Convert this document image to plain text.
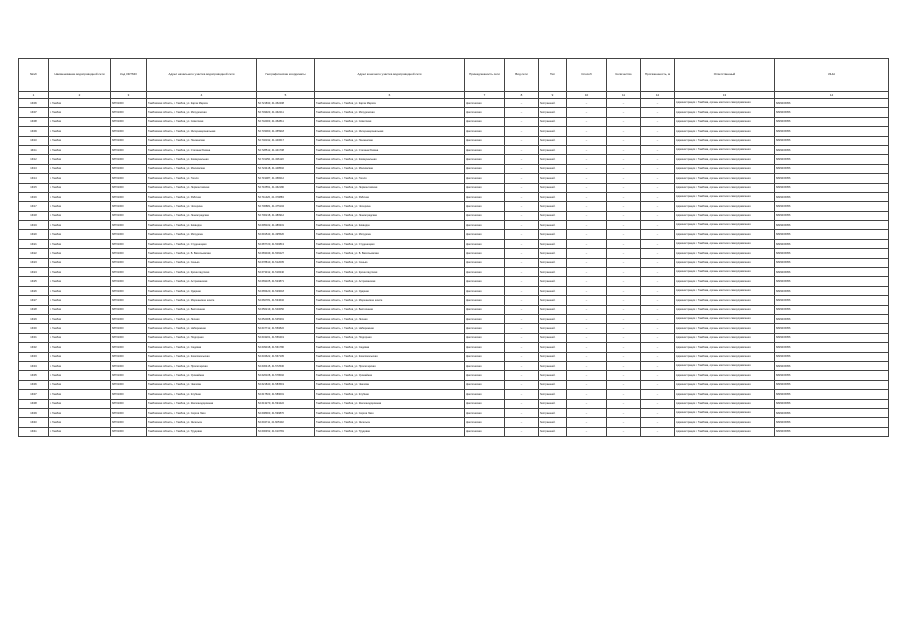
№п/п	Наименование водопроводной сети	Код ОКТМО	Адрес начального участка водопроводной сети	Географические координаты	Адрес конечного участка водопроводной сети	Принадлежность сети	Вид сети	Тип	Способ	Количество	Протяженность, м	Ответственный	ИНН
1	2	3	4	5	6	7	8	9	10	11	12	13	14
16/06	г. Тамбов	68701000	Тамбовская область, г. Тамбов, ул. Карла Маркса	52.721833, 41.452408	Тамбовская область, г. Тамбов, ул. Карла Маркса	фактическая	–	бестраншей.	–	–	–	Администрация г. Тамбова, органы местного самоуправления	6829015056
16/07	г. Тамбов	68701000	Тамбовская область, г. Тамбов, ул. Мичуринская	52.749923, 41.462211	Тамбовская область, г. Тамбов, ул. Мичуринская	фактическая	–	бестраншей.	–	–	–	Администрация г. Тамбова, органы местного самоуправления	6829015056
16/08	г. Тамбов	68701000	Тамбовская область, г. Тамбов, ул. Советская	52.742003, 41.452811	Тамбовская область, г. Тамбов, ул. Советская	фактическая	–	бестраншей.	–	–	–	Администрация г. Тамбова, органы местного самоуправления	6829015056
16/09	г. Тамбов	68701000	Тамбовская область, г. Тамбов, ул. Интернациональная	52.733060, 41.455918	Тамбовская область, г. Тамбов, ул. Интернациональная	фактическая	–	бестраншей.	–	–	–	Администрация г. Тамбова, органы местного самоуправления	6829015056
16/10	г. Тамбов	68701000	Тамбовская область, г. Тамбов, ул. Пензенская	52.740192, 41.440617	Тамбовская область, г. Тамбов, ул. Пензенская	фактическая	–	бестраншей.	–	–	–	Администрация г. Тамбова, органы местного самоуправления	6829015056
16/11	г. Тамбов	68701000	Тамбовская область, г. Тамбов, ул. Степана Разина	52.728512, 41.441708	Тамбовская область, г. Тамбов, ул. Степана Разина	фактическая	–	бестраншей.	–	–	–	Администрация г. Тамбова, органы местного самоуправления	6829015056
16/12	г. Тамбов	68701000	Тамбовская область, г. Тамбов, ул. Коммунальная	52.731150, 41.436120	Тамбовская область, г. Тамбов, ул. Коммунальная	фактическая	–	бестраншей.	–	–	–	Администрация г. Тамбова, органы местного самоуправления	6829015056
16/13	г. Тамбов	68701000	Тамбовская область, г. Тамбов, ул. Московская	52.724418, 41.448502	Тамбовская область, г. Тамбов, ул. Московская	фактическая	–	бестраншей.	–	–	–	Администрация г. Тамбова, органы местного самоуправления	6829015056
16/14	г. Тамбов	68701000	Тамбовская область, г. Тамбов, ул. Гоголя	52.719087, 41.458212	Тамбовская область, г. Тамбов, ул. Гоголя	фактическая	–	бестраншей.	–	–	–	Администрация г. Тамбова, органы местного самоуправления	6829015056
16/15	г. Тамбов	68701000	Тамбовская область, г. Тамбов, ул. Лермонтовская	52.716551, 41.462180	Тамбовская область, г. Тамбов, ул. Лермонтовская	фактическая	–	бестраншей.	–	–	–	Администрация г. Тамбова, органы местного самоуправления	6829015056
16/16	г. Тамбов	68701000	Тамбовская область, г. Тамбов, ул. Рабочая	52.711420, 41.470883	Тамбовская область, г. Тамбов, ул. Рабочая	фактическая	–	бестраншей.	–	–	–	Администрация г. Тамбова, органы местного самоуправления	6829015056
16/17	г. Тамбов	68701000	Тамбовская область, г. Тамбов, ул. Чичерина	52.706881, 41.475104	Тамбовская область, г. Тамбов, ул. Чичерина	фактическая	–	бестраншей.	–	–	–	Администрация г. Тамбова, органы местного самоуправления	6829015056
16/18	г. Тамбов	68701000	Тамбовская область, г. Тамбов, ул. Ленинградская	52.700218, 41.480912	Тамбовская область, г. Тамбов, ул. Ленинградская	фактическая	–	бестраншей.	–	–	–	Администрация г. Тамбова, органы местного самоуправления	6829015056
16/19	г. Тамбов	68701000	Тамбовская область, г. Тамбов, ул. Киквидзе	52.695102, 41.489331	Тамбовская область, г. Тамбов, ул. Киквидзе	фактическая	–	бестраншей.	–	–	–	Администрация г. Тамбова, органы местного самоуправления	6829015056
16/20	г. Тамбов	68701000	Тамбовская область, г. Тамбов, ул. Мичурина	52.691543, 41.495520	Тамбовская область, г. Тамбов, ул. Мичурина	фактическая	–	бестраншей.	–	–	–	Администрация г. Тамбова, органы местного самоуправления	6829015056
16/21	г. Тамбов	68701000	Тамбовская область, г. Тамбов, ул. Студенецкая	52.687720, 41.500813	Тамбовская область, г. Тамбов, ул. Студенецкая	фактическая	–	бестраншей.	–	–	–	Администрация г. Тамбова, органы местного самоуправления	6829015056
16/22	г. Тамбов	68701000	Тамбовская область, г. Тамбов, ул. Б. Васильевская	52.683049, 41.506227	Тамбовская область, г. Тамбов, ул. Б. Васильевская	фактическая	–	бестраншей.	–	–	–	Администрация г. Тамбова, органы местного самоуправления	6829015056
16/23	г. Тамбов	68701000	Тамбовская область, г. Тамбов, ул. Сенько	52.678810, 41.512005	Тамбовская область, г. Тамбов, ул. Сенько	фактическая	–	бестраншей.	–	–	–	Администрация г. Тамбова, органы местного самоуправления	6829015056
16/24	г. Тамбов	68701000	Тамбовская область, г. Тамбов, ул. Кронштадтская	52.673312, 41.518440	Тамбовская область, г. Тамбов, ул. Кронштадтская	фактическая	–	бестраншей.	–	–	–	Администрация г. Тамбова, органы местного самоуправления	6829015056
16/25	г. Тамбов	68701000	Тамбовская область, г. Тамбов, ул. Астраханская	52.669105, 41.523871	Тамбовская область, г. Тамбов, ул. Астраханская	фактическая	–	бестраншей.	–	–	–	Администрация г. Тамбова, органы местного самоуправления	6829015056
16/26	г. Тамбов	68701000	Тамбовская область, г. Тамбов, ул. Ударная	52.665420, 41.529018	Тамбовская область, г. Тамбов, ул. Ударная	фактическая	–	бестраншей.	–	–	–	Администрация г. Тамбова, органы местного самоуправления	6829015056
16/27	г. Тамбов	68701000	Тамбовская область, г. Тамбов, ул. Моршанское шоссе	52.660781, 41.534632	Тамбовская область, г. Тамбов, ул. Моршанское шоссе	фактическая	–	бестраншей.	–	–	–	Администрация г. Тамбова, органы местного самоуправления	6829015056
16/28	г. Тамбов	68701000	Тамбовская область, г. Тамбов, ул. Бастионная	52.656219, 41.540050	Тамбовская область, г. Тамбов, ул. Бастионная	фактическая	–	бестраншей.	–	–	–	Администрация г. Тамбова, органы местного самоуправления	6829015056
16/29	г. Тамбов	68701000	Тамбовская область, г. Тамбов, ул. Лесная	52.652008, 41.545391	Тамбовская область, г. Тамбов, ул. Лесная	фактическая	–	бестраншей.	–	–	–	Администрация г. Тамбова, органы местного самоуправления	6829015056
16/30	г. Тамбов	68701000	Тамбовская область, г. Тамбов, ул. Набережная	52.647712, 41.550822	Тамбовская область, г. Тамбов, ул. Набережная	фактическая	–	бестраншей.	–	–	–	Администрация г. Тамбова, органы местного самоуправления	6829015056
16/31	г. Тамбов	68701000	Тамбовская область, г. Тамбов, ул. Подгорная	52.643201, 41.556419	Тамбовская область, г. Тамбов, ул. Подгорная	фактическая	–	бестраншей.	–	–	–	Администрация г. Тамбова, органы местного самоуправления	6829015056
16/32	г. Тамбов	68701000	Тамбовская область, г. Тамбов, ул. Садовая	52.639018, 41.561780	Тамбовская область, г. Тамбов, ул. Садовая	фактическая	–	бестраншей.	–	–	–	Администрация г. Тамбова, органы местного самоуправления	6829015056
16/33	г. Тамбов	68701000	Тамбовская область, г. Тамбов, ул. Комсомольская	52.634622, 41.567105	Тамбовская область, г. Тамбов, ул. Комсомольская	фактическая	–	бестраншей.	–	–	–	Администрация г. Тамбова, органы местного самоуправления	6829015056
16/34	г. Тамбов	68701000	Тамбовская область, г. Тамбов, ул. Пролетарская	52.630415, 41.572530	Тамбовская область, г. Тамбов, ул. Пролетарская	фактическая	–	бестраншей.	–	–	–	Администрация г. Тамбова, органы местного самоуправления	6829015056
16/35	г. Тамбов	68701000	Тамбовская область, г. Тамбов, ул. Урожайная	52.626108, 41.578002	Тамбовская область, г. Тамбов, ул. Урожайная	фактическая	–	бестраншей.	–	–	–	Администрация г. Тамбова, органы местного самоуправления	6829015056
16/36	г. Тамбов	68701000	Тамбовская область, г. Тамбов, ул. Чкалова	52.621840, 41.583519	Тамбовская область, г. Тамбов, ул. Чкалова	фактическая	–	бестраншей.	–	–	–	Администрация г. Тамбова, органы местного самоуправления	6829015056
16/37	г. Тамбов	68701000	Тамбовская область, г. Тамбов, ул. Клубная	52.617503, 41.589001	Тамбовская область, г. Тамбов, ул. Клубная	фактическая	–	бестраншей.	–	–	–	Администрация г. Тамбова, органы местного самоуправления	6829015056
16/38	г. Тамбов	68701000	Тамбовская область, г. Тамбов, ул. Железнодорожная	52.613270, 41.594422	Тамбовская область, г. Тамбов, ул. Железнодорожная	фактическая	–	бестраншей.	–	–	–	Администрация г. Тамбова, органы местного самоуправления	6829015056
16/39	г. Тамбов	68701000	Тамбовская область, г. Тамбов, ул. Сергея Лазо	52.608903, 41.599870	Тамбовская область, г. Тамбов, ул. Сергея Лазо	фактическая	–	бестраншей.	–	–	–	Администрация г. Тамбова, органы местного самоуправления	6829015056
16/40	г. Тамбов	68701000	Тамбовская область, г. Тамбов, ул. Энгельса	52.604711, 41.605302	Тамбовская область, г. Тамбов, ул. Энгельса	фактическая	–	бестраншей.	–	–	–	Администрация г. Тамбова, органы местного самоуправления	6829015056
16/41	г. Тамбов	68701000	Тамбовская область, г. Тамбов, ул. Трудовая	52.600452, 41.610781	Тамбовская область, г. Тамбов, ул. Трудовая	фактическая	–	бестраншей.	–	–	–	Администрация г. Тамбова, органы местного самоуправления	6829015056
